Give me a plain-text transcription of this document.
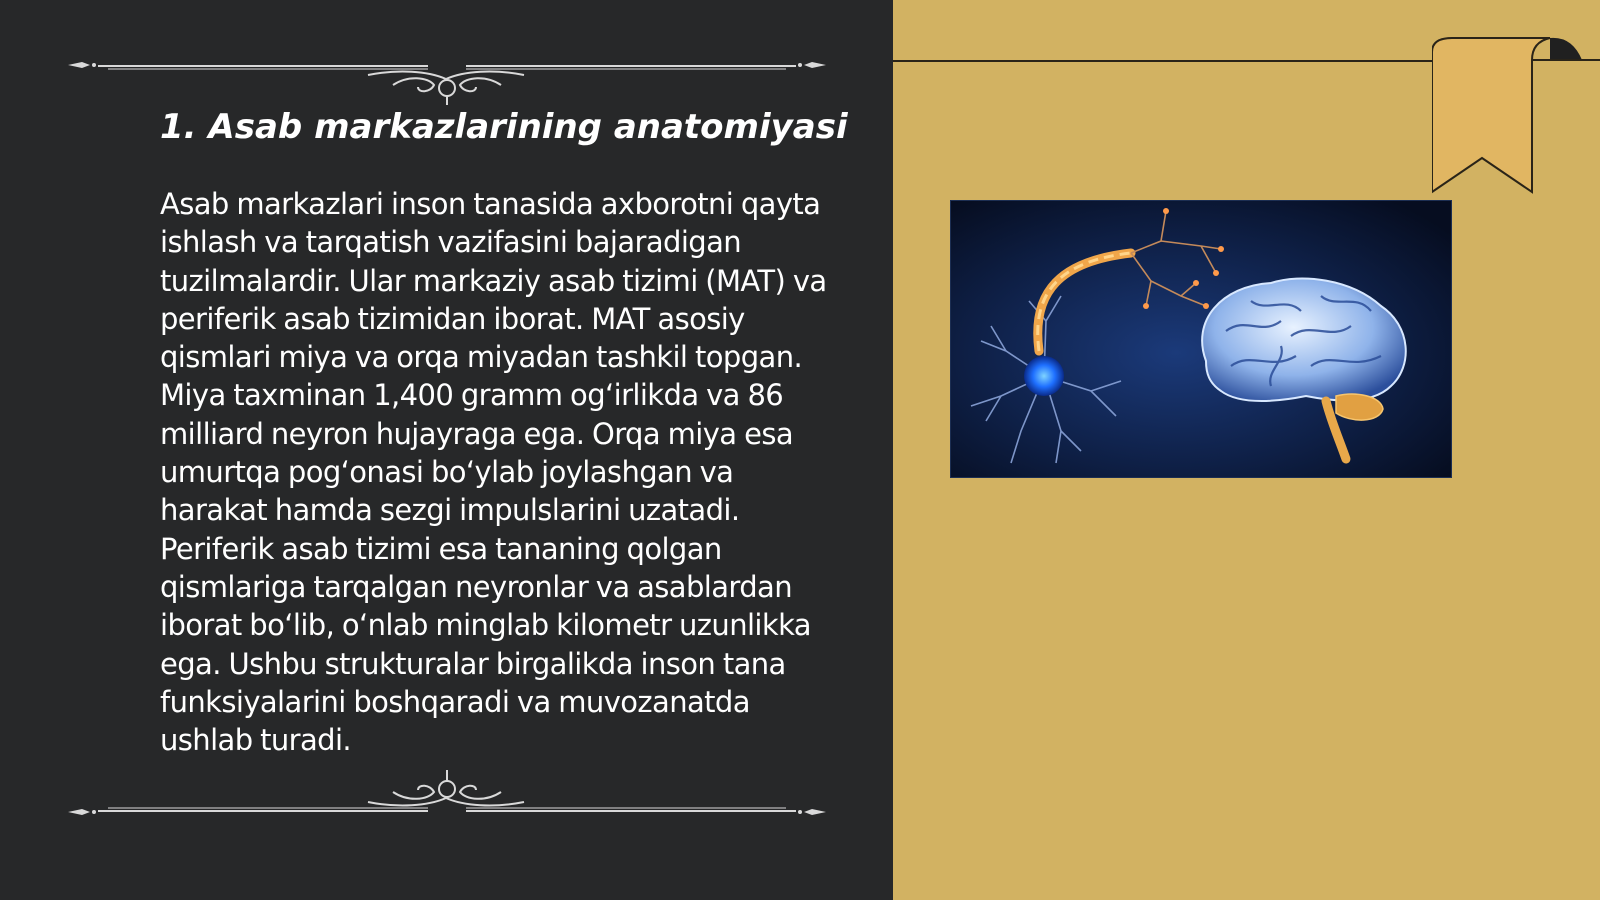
1. Asab markazlarining anatomiyasi

Asab markazlari inson tanasida axborotni qayta ishlash va tarqatish vazifasini bajaradigan tuzilmalardir. Ular markaziy asab tizimi (MAT) va periferik asab tizimidan iborat. MAT asosiy qismlari miya va orqa miyadan tashkil topgan. Miya taxminan 1,400 gramm og‘irlikda va 86 milliard neyron hujayraga ega. Orqa miya esa umurtqa pog‘onasi bo‘ylab joylashgan va harakat hamda sezgi impulslarini uzatadi. Periferik asab tizimi esa tananing qolgan qismlariga tarqalgan neyronlar va asablardan iborat bo‘lib, o‘nlab minglab kilometr uzunlikka ega. Ushbu strukturalar birgalikda inson tana funksiyalarini boshqaradi va muvozanatda ushlab turadi.
